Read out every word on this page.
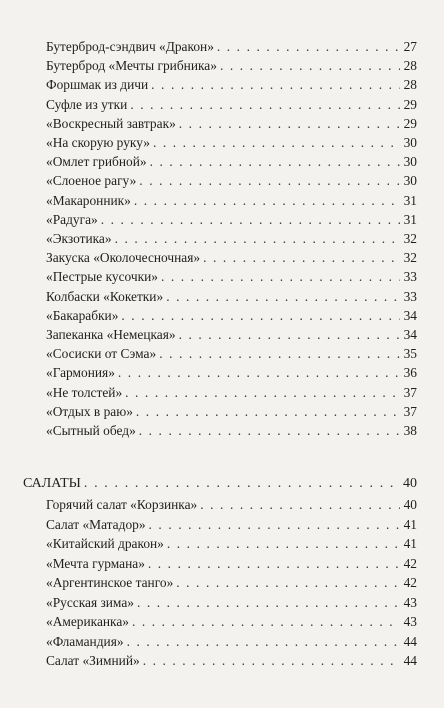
Бутерброд-сэндвич «Дракон» . . .	27
Бутерброд «Мечты грибника» . . .	28
Форшмак из дичи . . .	28
Суфле из утки . . .	29
«Воскресный завтрак» . . .	29
«На скорую руку» . . .	30
«Омлет грибной» . . .	30
«Слоеное рагу» . . .	30
«Макаронник» . . .	31
«Радуга» . . .	31
«Экзотика» . . .	32
Закуска «Околочесночная» . . .	32
«Пестрые кусочки» . . .	33
Колбаски «Кокетки» . . .	33
«Бакарабки» . . .	34
Запеканка «Немецкая» . . .	34
«Сосиски от Сэма» . . .	35
«Гармония» . . .	36
«Не толстей» . . .	37
«Отдых в раю» . . .	37
«Сытный обед» . . .	38
САЛАТЫ . . .	40
Горячий салат «Корзинка» . . .	40
Салат «Матадор» . . .	41
«Китайский дракон» . . .	41
«Мечта гурмана» . . .	42
«Аргентинское танго» . . .	42
«Русская зима» . . .	43
«Американка» . . .	43
«Фламандия» . . .	44
Салат «Зимний» . . .	44
